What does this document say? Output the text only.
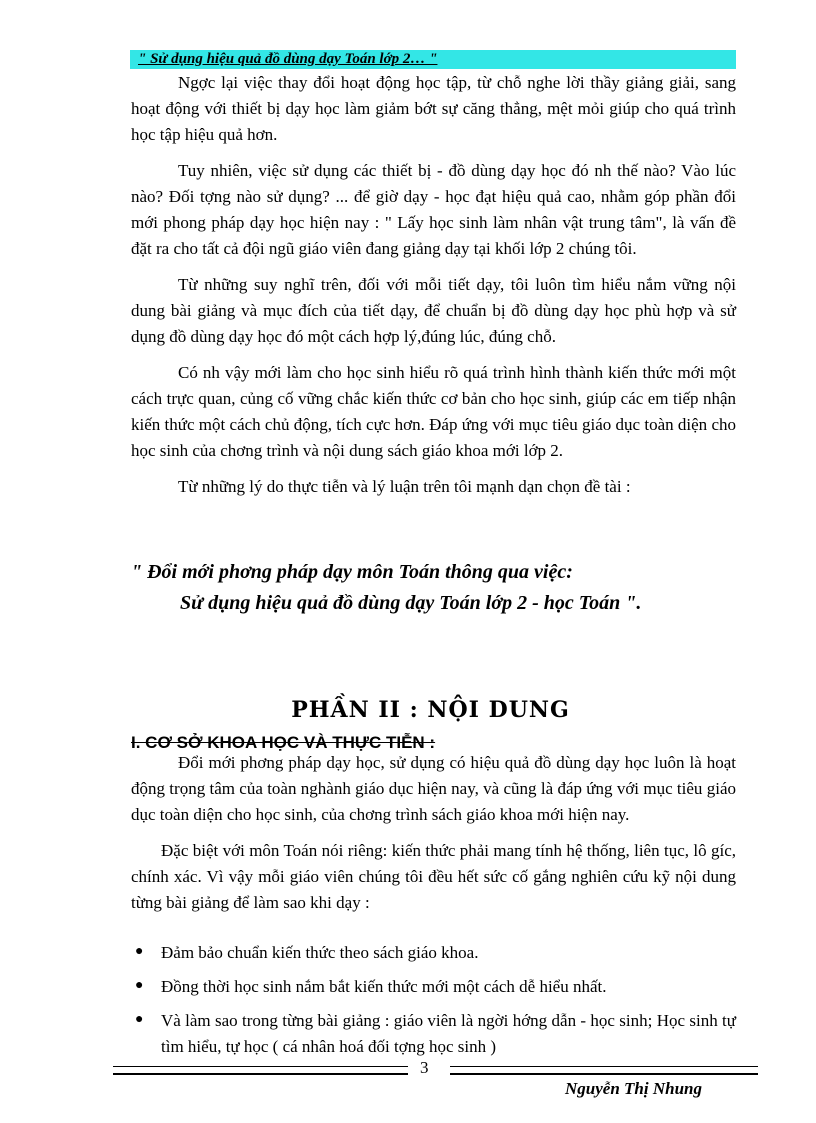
" Sử dụng hiệu quả đồ dùng dạy Toán lớp 2… "

Ngợc lại việc thay đổi hoạt động học tập, từ chỗ nghe lời thầy giảng giải, sang hoạt động với thiết bị dạy học làm giảm bớt sự căng thẳng, mệt mỏi giúp cho quá trình học tập hiệu quả hơn.

Tuy nhiên, việc sử dụng các thiết bị - đồ dùng dạy học đó nh thế nào? Vào lúc nào? Đối tợng nào sử dụng? ... để giờ dạy - học đạt hiệu quả cao, nhằm góp phần đổi mới phong pháp dạy học hiện nay : " Lấy học sinh làm nhân vật trung tâm", là vấn đề đặt ra cho tất cả đội ngũ giáo viên đang giảng dạy tại khối lớp 2 chúng tôi.

Từ những suy nghĩ trên, đối với mỗi tiết dạy, tôi luôn tìm hiểu nắm vững nội dung bài giảng và mục đích của tiết dạy, để chuẩn bị đồ dùng dạy học phù hợp và sử dụng đồ dùng dạy học đó một cách hợp lý,đúng lúc, đúng chỗ.

Có nh vậy mới làm cho học sinh hiểu rõ quá trình hình thành kiến thức mới một cách trực quan, củng cố vững chắc kiến thức cơ bản cho học sinh, giúp các em tiếp nhận kiến thức một cách chủ động, tích cực hơn. Đáp ứng với mục tiêu giáo dục toàn diện cho học sinh của chơng trình và nội dung sách giáo khoa mới lớp 2.

Từ những lý do thực tiễn và lý luận trên tôi mạnh dạn chọn đề tài :

" Đổi mới phơng pháp dạy môn Toán thông qua việc:

Sử dụng hiệu quả đồ dùng dạy Toán lớp 2 - học Toán ".

PHẦN II : NỘI DUNG
I. CƠ SỞ KHOA HỌC VÀ THỰC TIỄN :

Đổi mới phơng pháp dạy học, sử dụng có hiệu quả đồ dùng dạy học luôn là hoạt động trọng tâm của toàn nghành giáo dục hiện nay, và cũng là đáp ứng với mục tiêu giáo dục toàn diện cho học sinh, của chơng trình sách giáo khoa mới hiện nay.

Đặc biệt với môn Toán nói riêng: kiến thức phải mang tính hệ thống, liên tục, lô gíc, chính xác. Vì vậy mỗi giáo viên chúng tôi đều hết sức cố gắng nghiên cứu kỹ nội dung từng bài giảng để làm sao khi dạy :

● Đảm bảo chuẩn kiến thức theo sách giáo khoa.
● Đồng thời học sinh nắm bắt kiến thức mới một cách dễ hiểu nhất.
● Và làm sao trong từng bài giảng : giáo viên là ngời hớng dẫn - học sinh; Học sinh tự tìm hiểu, tự học ( cá nhân hoá đối tợng học sinh )
3
Nguyễn Thị Nhung
